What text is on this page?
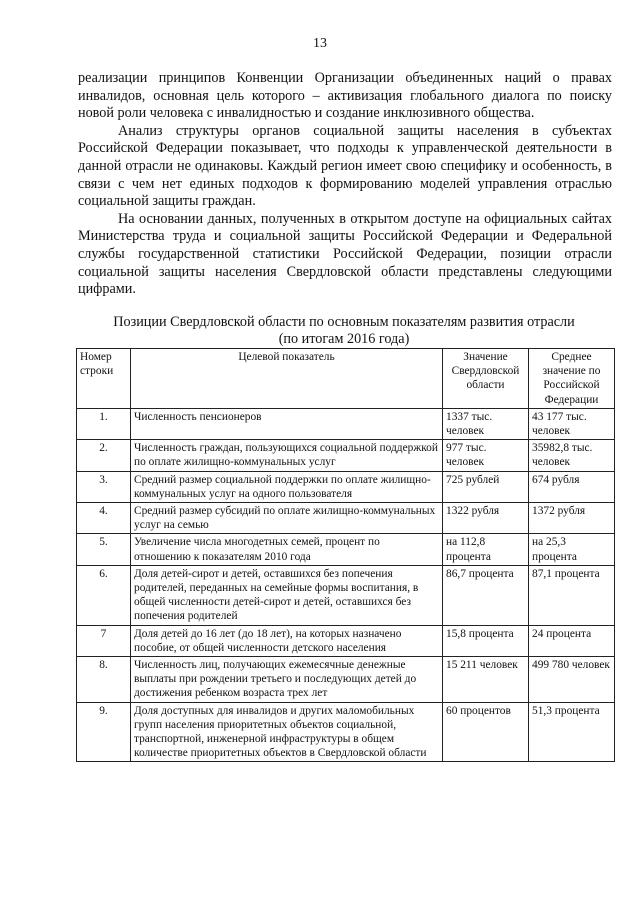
13

реализации принципов Конвенции Организации объединенных наций о правах инвалидов, основная цель которого – активизация глобального диалога по поиску новой роли человека с инвалидностью и создание инклюзивного общества.

Анализ структуры органов социальной защиты населения в субъектах Российской Федерации показывает, что подходы к управленческой деятельности в данной отрасли не одинаковы. Каждый регион имеет свою специфику и особенность, в связи с чем нет единых подходов к формированию моделей управления отраслью социальной защиты граждан.

На основании данных, полученных в открытом доступе на официальных сайтах Министерства труда и социальной защиты Российской Федерации и Федеральной службы государственной статистики Российской Федерации, позиции отрасли социальной защиты населения Свердловской области представлены следующими цифрами.

Позиции Свердловской области по основным показателям развития отрасли
(по итогам 2016 года)
Номер строки	Целевой показатель	Значение Свердловской области	Среднее значение по Российской Федерации
1.	Численность пенсионеров	1337 тыс. человек	43 177 тыс. человек
2.	Численность граждан, пользующихся социальной поддержкой по оплате жилищно-коммунальных услуг	977 тыс. человек	35982,8 тыс. человек
3.	Средний размер социальной поддержки по оплате жилищно-коммунальных услуг на одного пользователя	725 рублей	674 рубля
4.	Средний размер субсидий по оплате жилищно-коммунальных услуг на семью	1322 рубля	1372 рубля
5.	Увеличение числа многодетных семей, процент по отношению к показателям 2010 года	на 112,8 процента	на 25,3 процента
6.	Доля детей-сирот и детей, оставшихся без попечения родителей, переданных на семейные формы воспитания, в общей численности детей-сирот и детей, оставшихся без попечения родителей	86,7 процента	87,1 процента
7	Доля детей до 16 лет (до 18 лет), на которых назначено пособие, от общей численности детского населения	15,8 процента	24 процента
8.	Численность лиц, получающих ежемесячные денежные выплаты при рождении третьего и последующих детей до достижения ребенком возраста трех лет	15 211 человек	499 780 человек
9.	Доля доступных для инвалидов и других маломобильных групп населения приоритетных объектов социальной, транспортной, инженерной инфраструктуры в общем количестве приоритетных объектов в Свердловской области	60 процентов	51,3 процента
